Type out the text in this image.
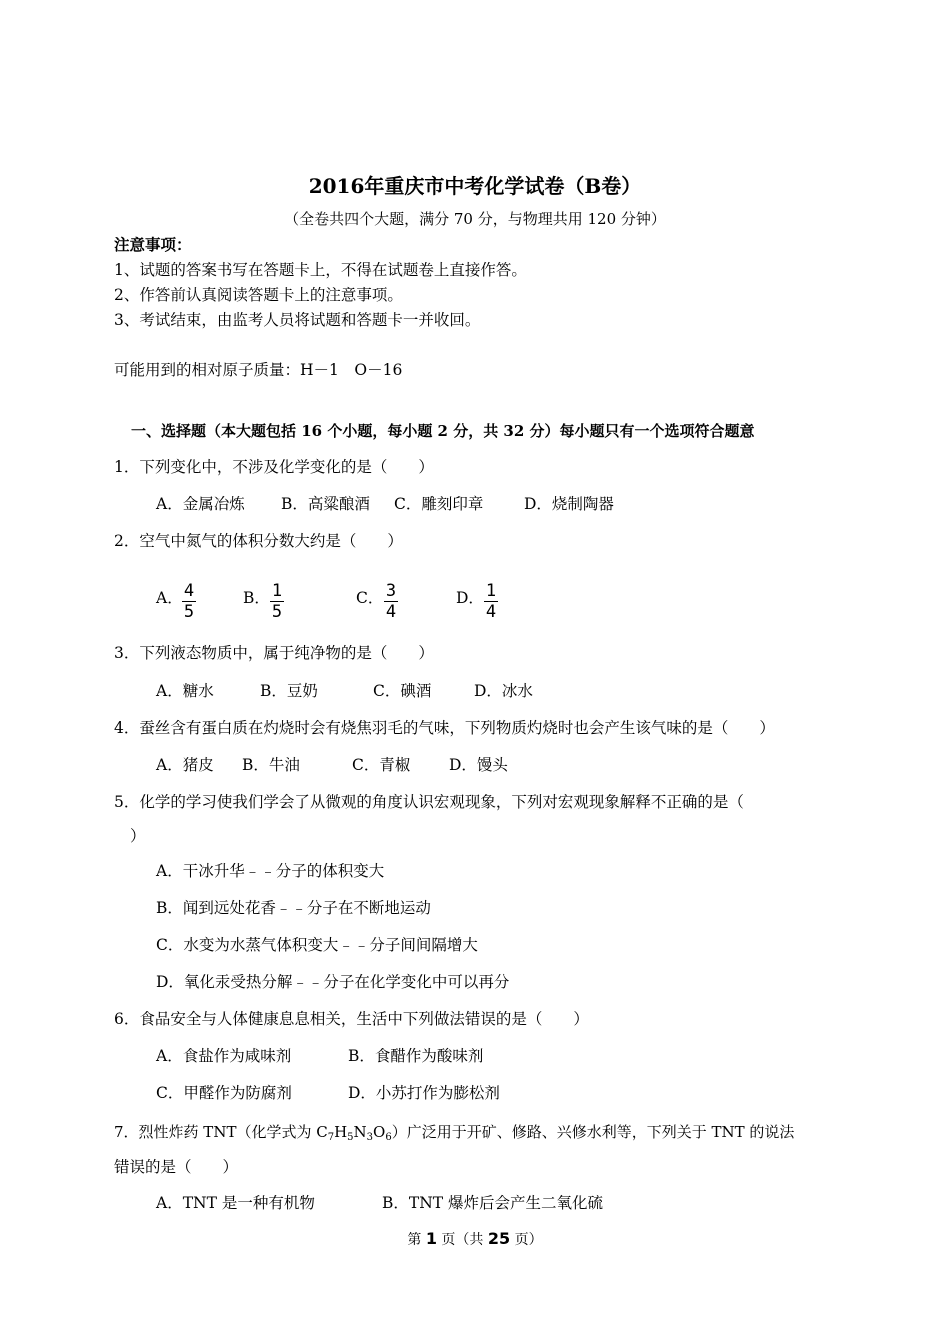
2016年重庆市中考化学试卷（B卷）
（全卷共四个大题，满分 70 分，与物理共用 120 分钟）
注意事项：
1、试题的答案书写在答题卡上，不得在试题卷上直接作答。
2、作答前认真阅读答题卡上的注意事项。
3、考试结束，由监考人员将试题和答题卡一并收回。
可能用到的相对原子质量：H－1　O－16
一、选择题（本大题包括 16 个小题，每小题 2 分，共 32 分）每小题只有一个选项符合题意
1．下列变化中，不涉及化学变化的是（　　）
A．金属冶炼 B．高粱酿酒 C．雕刻印章	D．烧制陶器
2．空气中氮气的体积分数大约是（　　）
A． 4
5
B． 1
5
C． 3
4
D． 1
4
3．下列液态物质中，属于纯净物的是（　　）
A．糖水	B．豆奶	C．碘酒	D．冰水
4．蚕丝含有蛋白质在灼烧时会有烧焦羽毛的气味，下列物质灼烧时也会产生该气味的是（　　）
A．猪皮 B．牛油	C．青椒 D．馒头
5．化学的学习使我们学会了从微观的角度认识宏观现象，下列对宏观现象解释不正确的是（
）
A．干冰升华﹣﹣分子的体积变大
B．闻到远处花香﹣﹣分子在不断地运动
C．水变为水蒸气体积变大﹣﹣分子间间隔增大
D．氧化汞受热分解﹣﹣分子在化学变化中可以再分
6．食品安全与人体健康息息相关，生活中下列做法错误的是（　　）
A．食盐作为咸味剂	B．食醋作为酸味剂
C．甲醛作为防腐剂	D．小苏打作为膨松剂
7．烈性炸药 TNT（化学式为 $C_7H_5N_3O_6$）广泛用于开矿、修路、兴修水利等，下列关于 TNT 的说法
错误的是（　　）
A．TNT 是一种有机物	B．TNT 爆炸后会产生二氧化硫
第 1 页（共 25 页）
